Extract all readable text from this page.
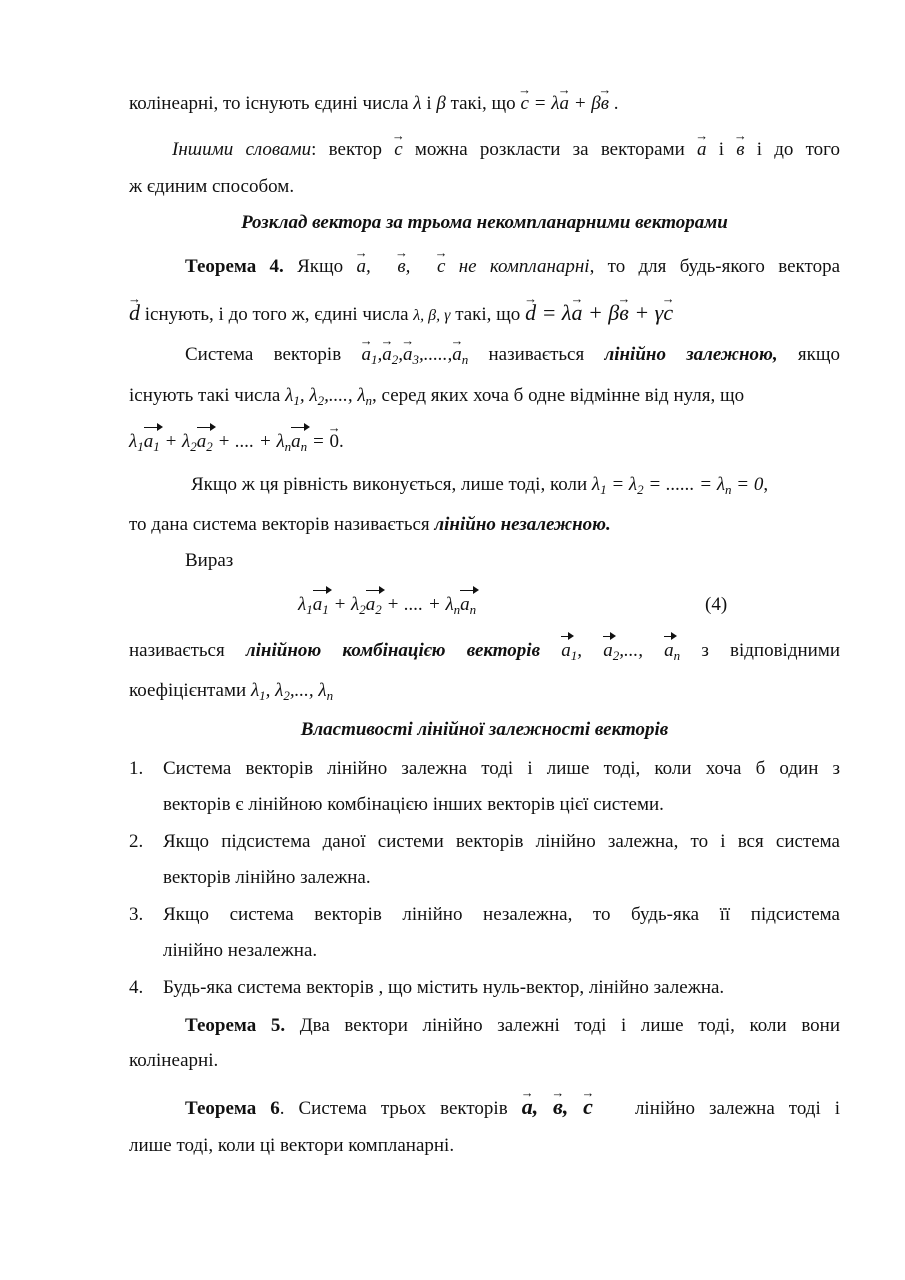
колінеарні, то існують єдині числа λ і β такі, що → c = λ→ a + β→ в .
Іншими словами: вектор → c можна розкласти за векторами → a і → в і до того
ж єдиним способом.
Розклад вектора за трьома некомпланарними векторами
Теорема 4. Якщо → a,  → в,  → c не компланарні, то для будь-якого вектора
→ d існують, і до того ж, єдині числа λ, β, γ такі, що → d = λ→ a + β→ в + γ→ c
Система векторів → $a_1,\to a_2,\to a_3,.....,\to a_n$ називається лінійно залежною, якщо
існують такі числа $\lambda_1$, $\lambda_2$,...., $\lambda_n$, серед яких хоча б одне відмінне від нуля, що
$\lambda_1a_1 + \lambda_2a_2$ + .... + $\lambda_na_n$ = → 0.
Якщо ж ця рівність виконується, лише тоді, коли $\lambda_1 = \lambda_2$ = ...... = $\lambda_n = 0$,
то дана система векторів називається лінійно незалежною.
Вираз
$\lambda_1a_1 + \lambda_2a_2$ + .... + $\lambda_na_n$	(4)
називається лінійною комбінацією векторів $a_1$, $a_2$,..., $a_n$ з відповідними
коефіцієнтами $\lambda_1$, $\lambda_2$,..., $\lambda_n$
Властивості лінійної залежності векторів
1. Система векторів лінійно залежна тоді і лише тоді, коли хоча б один з
векторів є лінійною комбінацією інших векторів цієї системи.
2. Якщо підсистема даної системи векторів лінійно залежна, то і вся система
векторів лінійно залежна.
3. Якщо система векторів лінійно незалежна, то будь-яка її підсистема
лінійно незалежна.
4. Будь-яка система векторів , що містить нуль-вектор, лінійно залежна.
Теорема 5. Два вектори лінійно залежні тоді і лише тоді, коли вони
колінеарні.
Теорема 6. Система трьох векторів → a, → в, → c   лінійно залежна тоді і
лише тоді, коли ці вектори компланарні.
